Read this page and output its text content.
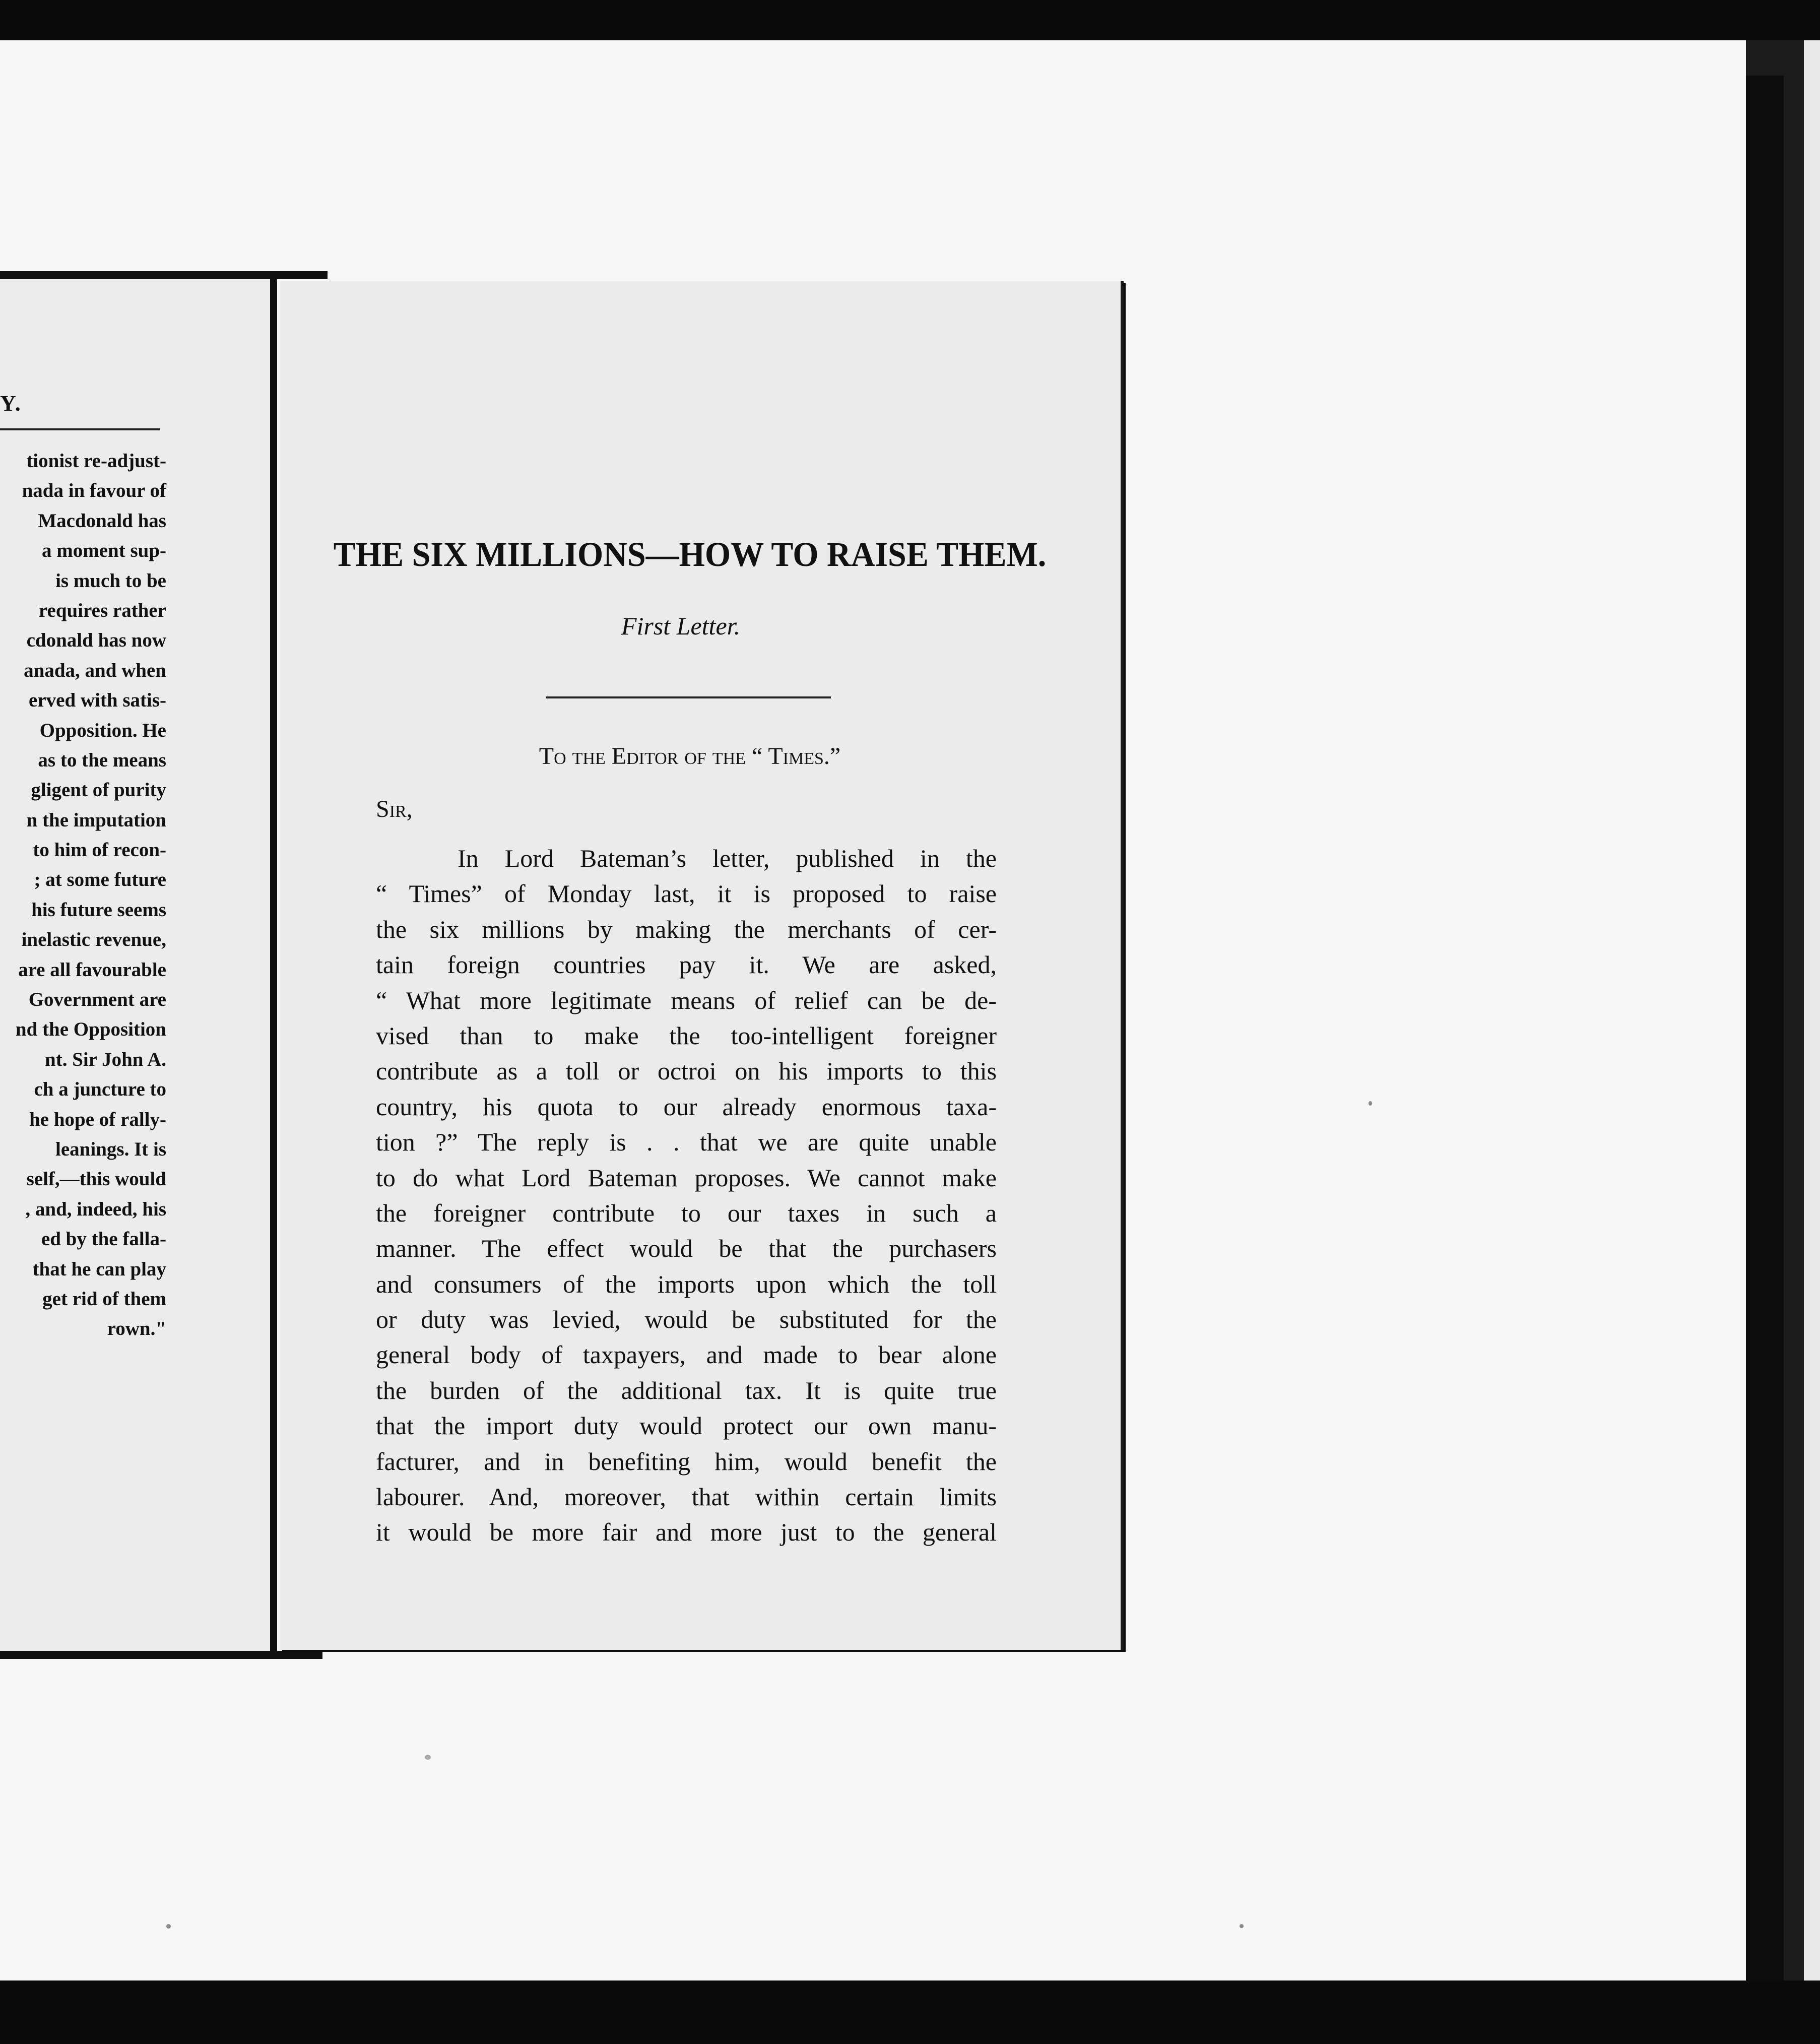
Y.
tionist re-adjust-
nada in favour of
Macdonald has
a moment sup-
is much to be
requires rather
cdonald has now
anada, and when
erved with satis-
Opposition. He
as to the means
gligent of purity
n the imputation
to him of recon-
; at some future
his future seems
inelastic revenue,
are all favourable
Government are
nd the Opposition
nt. Sir John A.
ch a juncture to
he hope of rally-
leanings. It is
self,—this would
, and, indeed, his
ed by the falla-
that he can play
get rid of them
rown."
THE SIX MILLIONS—HOW TO RAISE THEM.
First Letter.
To the Editor of the “ Times.”
Sir,
In Lord Bateman’s letter, published in the
“ Times” of Monday last, it is proposed to raise
the six millions by making the merchants of cer-
tain foreign countries pay it. We are asked,
“ What more legitimate means of relief can be de-
vised than to make the too-intelligent foreigner
contribute as a toll or octroi on his imports to this
country, his quota to our already enormous taxa-
tion ?” The reply is . . that we are quite unable
to do what Lord Bateman proposes. We cannot make
the foreigner contribute to our taxes in such a
manner. The effect would be that the purchasers
and consumers of the imports upon which the toll
or duty was levied, would be substituted for the
general body of taxpayers, and made to bear alone
the burden of the additional tax. It is quite true
that the import duty would protect our own manu-
facturer, and in benefiting him, would benefit the
labourer. And, moreover, that within certain limits
it would be more fair and more just to the general
